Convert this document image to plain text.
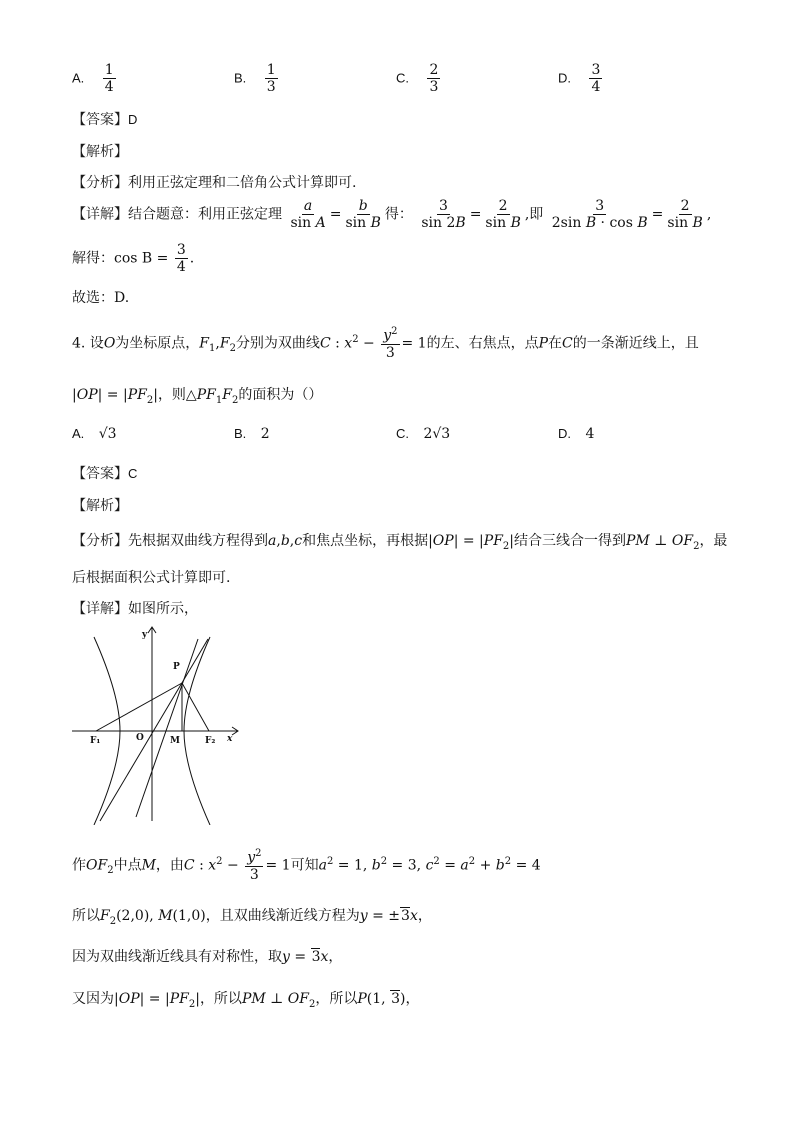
A. $\frac{1}{4}$	B. $\frac{1}{3}$	C. $\frac{2}{3}$	D. $\frac{3}{4}$
【答案】D
【解析】
【分析】利用正弦定理和二倍角公式计算即可.
【详解】结合题意：利用正弦定理 $\frac{a}{\text{sin A}} = \frac{b}{\text{sin B}}$ 得： $\frac{3}{\sin 2B} = \frac{2}{\text{sin B}}$ ,即 $\frac{3}{\text{2sin B · cos B}} = \frac{2}{\text{sin B}}$ ,
解得：$\cos B = \frac{3}{4}$ .
故选：D.
4. 设O为坐标原点，$F_1,F_2$分别为双曲线C : $x^2 - \frac{y^2}{3} = 1$的左、右焦点，点P在C的一条渐近线上，且
$|OP| = |PF_2|$，则$\triangle PF_1F_2$的面积为（）
A. √3	B. 2	C. 2√3	D. 4
【答案】C
【解析】
【分析】先根据双曲线方程得到a,b,c和焦点坐标，再根据$|OP| = |PF_2|$结合三线合一得到PM ⊥ $OF_2$，最
后根据面积公式计算即可.
【详解】如图所示，
y
x
P
O	M
F₁	F₂
作$OF_2$中点M，由C : $x^2 - \frac{y^2}{3} = 1$可知$a^2 = 1$, $b^2 = 3$, $c^2 = a^2 + b^2 = 4$
所以$F_2(2,0)$, M(1,0)，且双曲线渐近线方程为y = ±3x，
因为双曲线渐近线具有对称性，取y = 3x，
又因为$|OP| = |PF_2|$，所以PM ⊥ $OF_2$，所以P(1, 3)，
